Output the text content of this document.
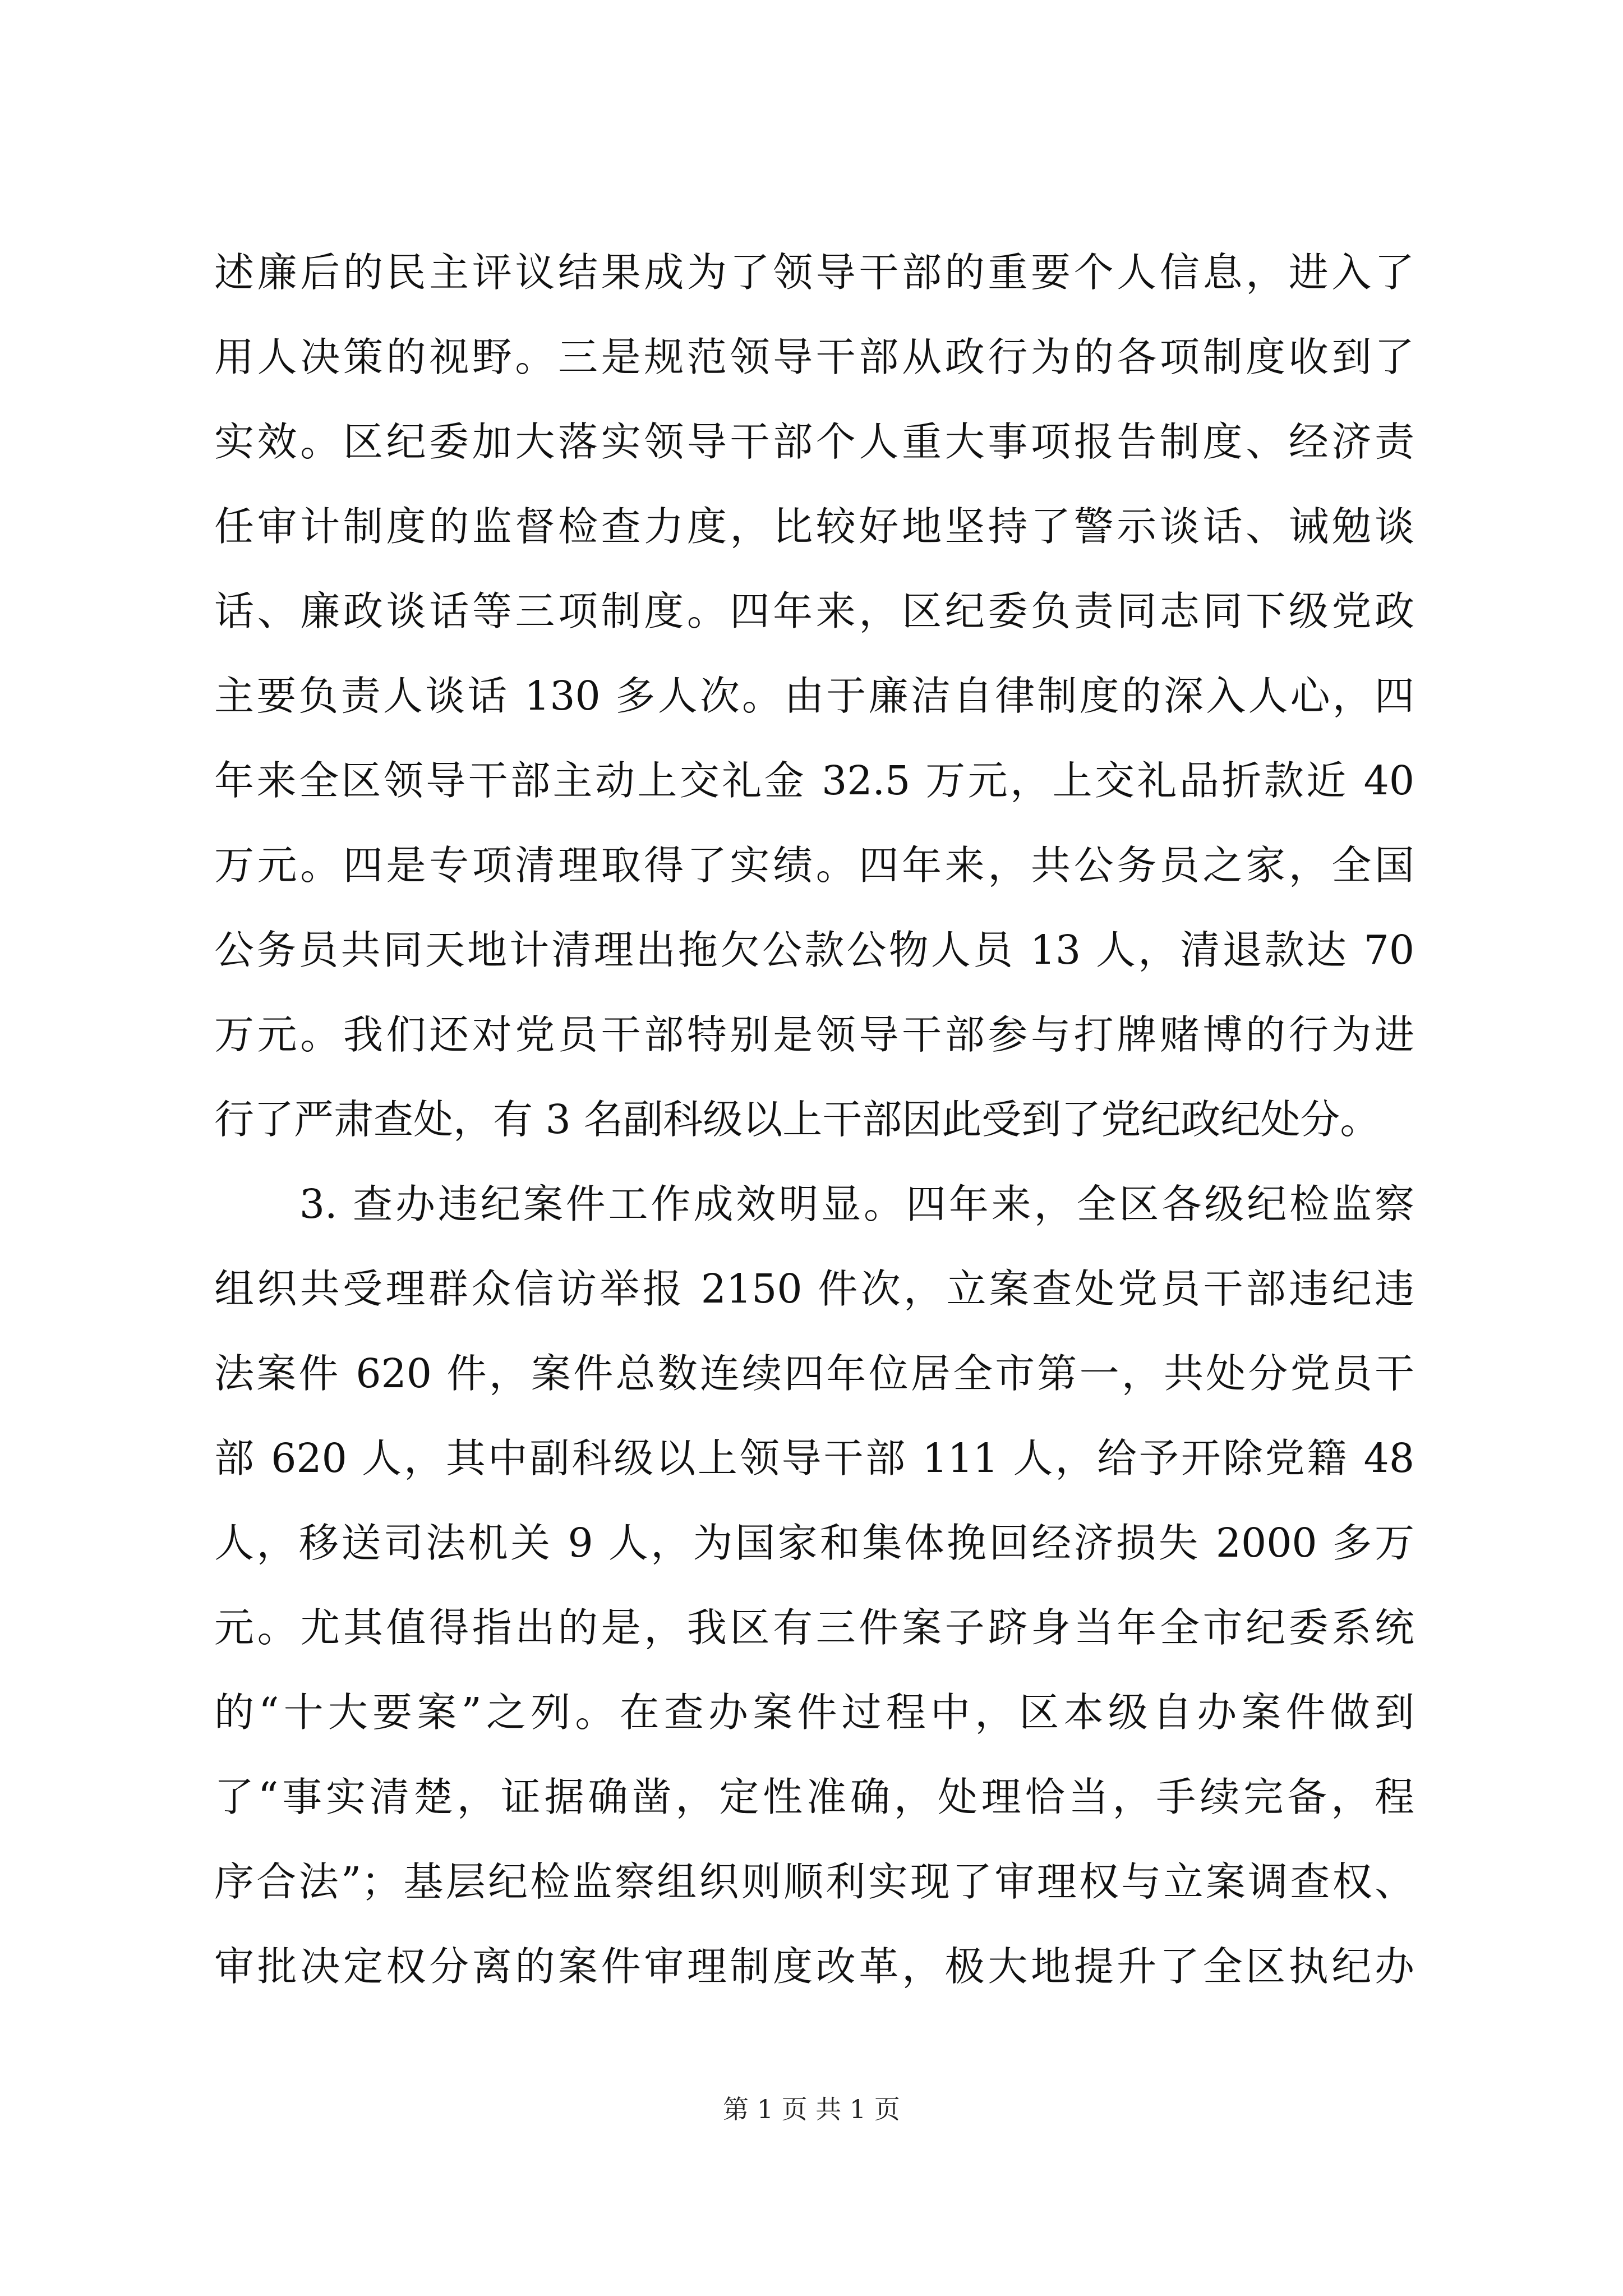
述廉后的民主评议结果成为了领导干部的重要个人信息，进入了
用人决策的视野。三是规范领导干部从政行为的各项制度收到了
实效。区纪委加大落实领导干部个人重大事项报告制度、经济责
任审计制度的监督检查力度，比较好地坚持了警示谈话、诫勉谈
话、廉政谈话等三项制度。四年来，区纪委负责同志同下级党政
主要负责人谈话 130 多人次。由于廉洁自律制度的深入人心，四
年来全区领导干部主动上交礼金 32.5 万元，上交礼品折款近 40
万元。四是专项清理取得了实绩。四年来，共公务员之家，全国
公务员共同天地计清理出拖欠公款公物人员 13 人，清退款达 70
万元。我们还对党员干部特别是领导干部参与打牌赌博的行为进
行了严肃查处，有 3 名副科级以上干部因此受到了党纪政纪处分。
　　3. 查办违纪案件工作成效明显。四年来，全区各级纪检监察
组织共受理群众信访举报 2150 件次，立案查处党员干部违纪违
法案件 620 件，案件总数连续四年位居全市第一，共处分党员干
部 620 人，其中副科级以上领导干部 111 人，给予开除党籍 48
人，移送司法机关 9 人，为国家和集体挽回经济损失 2000 多万
元。尤其值得指出的是，我区有三件案子跻身当年全市纪委系统
的“十大要案”之列。在查办案件过程中，区本级自办案件做到
了“事实清楚，证据确凿，定性准确，处理恰当，手续完备，程
序合法”；基层纪检监察组织则顺利实现了审理权与立案调查权、
审批决定权分离的案件审理制度改革，极大地提升了全区执纪办
第 1 页 共 1 页
